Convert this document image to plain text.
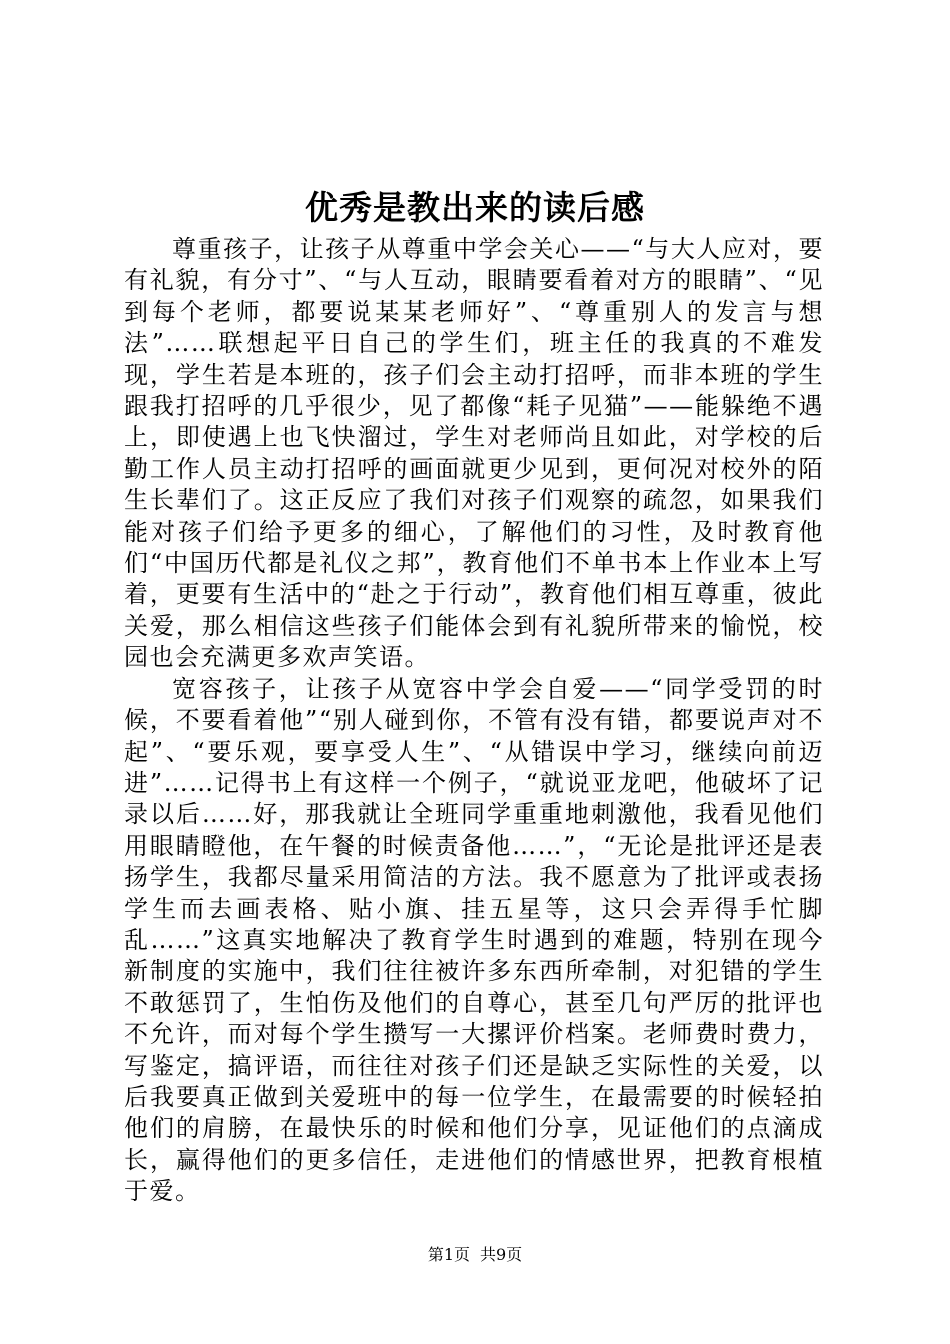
优秀是教出来的读后感

尊重孩子，让孩子从尊重中学会关心——“与大人应对，要有礼貌，有分寸”、“与人互动，眼睛要看着对方的眼睛”、“见到每个老师，都要说某某老师好”、“尊重别人的发言与想法”……联想起平日自己的学生们，班主任的我真的不难发现，学生若是本班的，孩子们会主动打招呼，而非本班的学生跟我打招呼的几乎很少，见了都像“耗子见猫”——能躲绝不遇上，即使遇上也飞快溜过，学生对老师尚且如此，对学校的后勤工作人员主动打招呼的画面就更少见到，更何况对校外的陌生长辈们了。这正反应了我们对孩子们观察的疏忽，如果我们能对孩子们给予更多的细心，了解他们的习性，及时教育他们“中国历代都是礼仪之邦”，教育他们不单书本上作业本上写着，更要有生活中的“赴之于行动”，教育他们相互尊重，彼此关爱，那么相信这些孩子们能体会到有礼貌所带来的愉悦，校园也会充满更多欢声笑语。

宽容孩子，让孩子从宽容中学会自爱——“同学受罚的时候，不要看着他”“别人碰到你，不管有没有错，都要说声对不起”、“要乐观，要享受人生”、“从错误中学习，继续向前迈进”……记得书上有这样一个例子，“就说亚龙吧，他破坏了记录以后……好，那我就让全班同学重重地刺激他，我看见他们用眼睛瞪他，在午餐的时候责备他……”，“无论是批评还是表扬学生，我都尽量采用简洁的方法。我不愿意为了批评或表扬学生而去画表格、贴小旗、挂五星等，这只会弄得手忙脚乱……”这真实地解决了教育学生时遇到的难题，特别在现今新制度的实施中，我们往往被许多东西所牵制，对犯错的学生不敢惩罚了，生怕伤及他们的自尊心，甚至几句严厉的批评也不允许，而对每个学生攒写一大摞评价档案。老师费时费力，写鉴定，搞评语，而往往对孩子们还是缺乏实际性的关爱，以后我要真正做到关爱班中的每一位学生，在最需要的时候轻拍他们的肩膀，在最快乐的时候和他们分享，见证他们的点滴成长，赢得他们的更多信任，走进他们的情感世界，把教育根植于爱。

第1页 共9页
